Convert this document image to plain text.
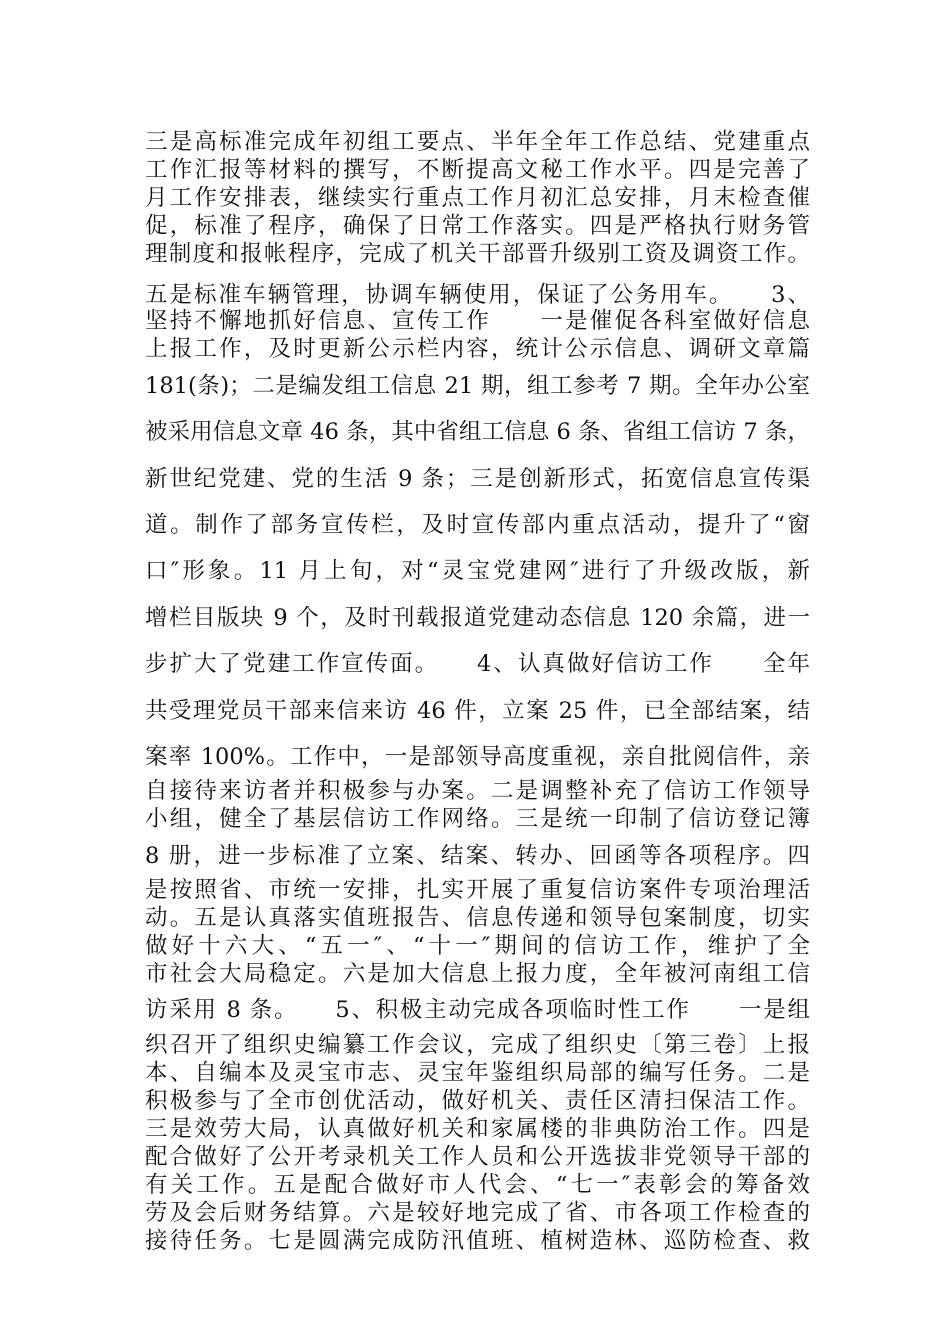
三是高标准完成年初组工要点、半年全年工作总结、党建重点
工作汇报等材料的撰写，不断提高文秘工作水平。四是完善了
月工作安排表，继续实行重点工作月初汇总安排，月末检查催
促，标准了程序，确保了日常工作落实。四是严格执行财务管
理制度和报帐程序，完成了机关干部晋升级别工资及调资工作。
五是标准车辆管理，协调车辆使用，保证了公务用车。　　3、
坚持不懈地抓好信息、宣传工作　　一是催促各科室做好信息
上报工作，及时更新公示栏内容，统计公示信息、调研文章篇
181(条)；二是编发组工信息 21 期，组工参考 7 期。全年办公室
被采用信息文章 46 条，其中省组工信息 6 条、省组工信访 7 条，
新世纪党建、党的生活 9 条；三是创新形式，拓宽信息宣传渠
道。制作了部务宣传栏，及时宣传部内重点活动，提升了“窗
口″形象。11 月上旬，对“灵宝党建网″进行了升级改版，新
增栏目版块 9 个，及时刊载报道党建动态信息 120 余篇，进一
步扩大了党建工作宣传面。　　4、认真做好信访工作　　全年
共受理党员干部来信来访 46 件，立案 25 件，已全部结案，结
案率 100%。工作中，一是部领导高度重视，亲自批阅信件，亲
自接待来访者并积极参与办案。二是调整补充了信访工作领导
小组，健全了基层信访工作网络。三是统一印制了信访登记簿
8 册，进一步标准了立案、结案、转办、回函等各项程序。四
是按照省、市统一安排，扎实开展了重复信访案件专项治理活
动。五是认真落实值班报告、信息传递和领导包案制度，切实
做好十六大、“五一″、“十一″期间的信访工作，维护了全
市社会大局稳定。六是加大信息上报力度，全年被河南组工信
访采用 8 条。　　5、积极主动完成各项临时性工作　　一是组
织召开了组织史编纂工作会议，完成了组织史〔第三卷〕上报
本、自编本及灵宝市志、灵宝年鉴组织局部的编写任务。二是
积极参与了全市创优活动，做好机关、责任区清扫保洁工作。
三是效劳大局，认真做好机关和家属楼的非典防治工作。四是
配合做好了公开考录机关工作人员和公开选拔非党领导干部的
有关工作。五是配合做好市人代会、“七一″表彰会的筹备效
劳及会后财务结算。六是较好地完成了省、市各项工作检查的
接待任务。七是圆满完成防汛值班、植树造林、巡防检查、救
